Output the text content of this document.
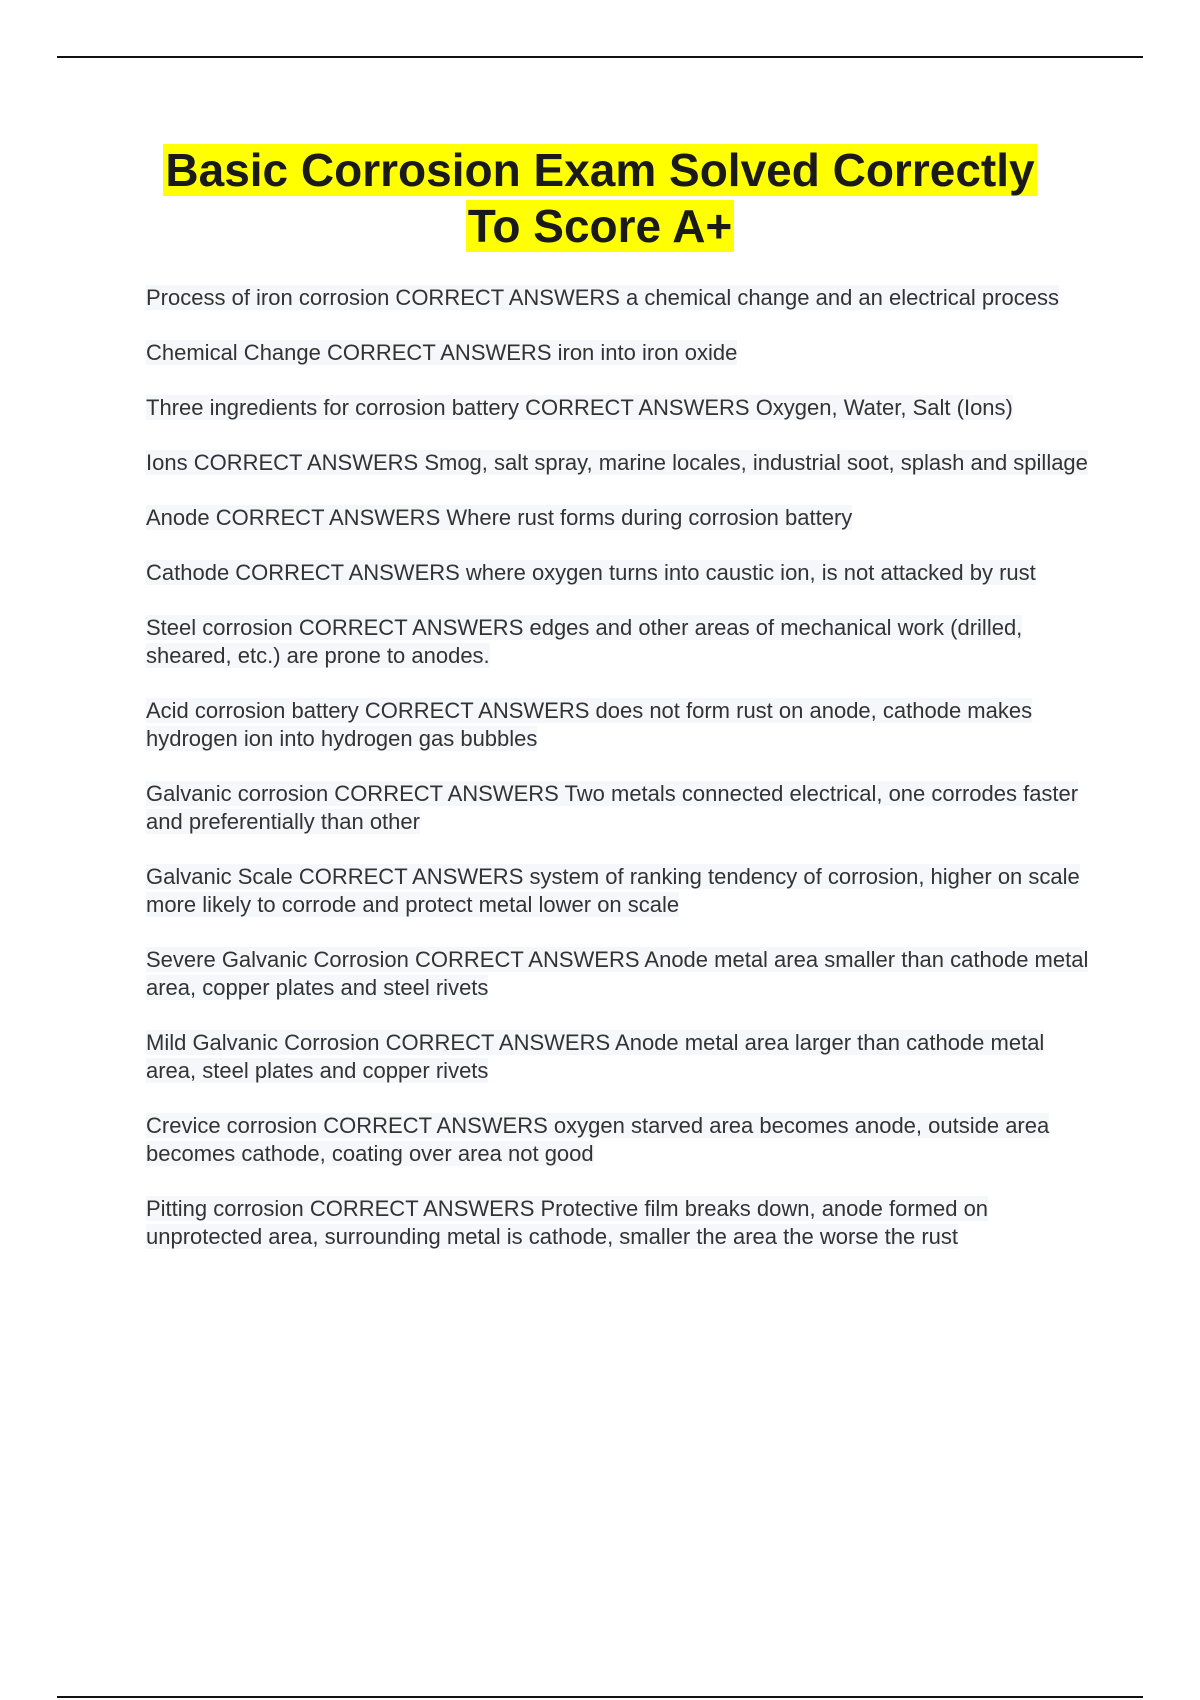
Basic Corrosion Exam Solved Correctly
To Score A+
Process of iron corrosion CORRECT ANSWERS a chemical change and an electrical process
Chemical Change CORRECT ANSWERS iron into iron oxide
Three ingredients for corrosion battery CORRECT ANSWERS Oxygen, Water, Salt (Ions)
Ions CORRECT ANSWERS Smog, salt spray, marine locales, industrial soot, splash and spillage
Anode CORRECT ANSWERS Where rust forms during corrosion battery
Cathode CORRECT ANSWERS where oxygen turns into caustic ion, is not attacked by rust
Steel corrosion CORRECT ANSWERS edges and other areas of mechanical work (drilled, sheared, etc.) are prone to anodes.
Acid corrosion battery CORRECT ANSWERS does not form rust on anode, cathode makes hydrogen ion into hydrogen gas bubbles
Galvanic corrosion CORRECT ANSWERS Two metals connected electrical, one corrodes faster and preferentially than other
Galvanic Scale CORRECT ANSWERS system of ranking tendency of corrosion, higher on scale more likely to corrode and protect metal lower on scale
Severe Galvanic Corrosion CORRECT ANSWERS Anode metal area smaller than cathode metal area, copper plates and steel rivets
Mild Galvanic Corrosion CORRECT ANSWERS Anode metal area larger than cathode metal area, steel plates and copper rivets
Crevice corrosion CORRECT ANSWERS oxygen starved area becomes anode, outside area becomes cathode, coating over area not good
Pitting corrosion CORRECT ANSWERS Protective film breaks down, anode formed on unprotected area, surrounding metal is cathode, smaller the area the worse the rust
